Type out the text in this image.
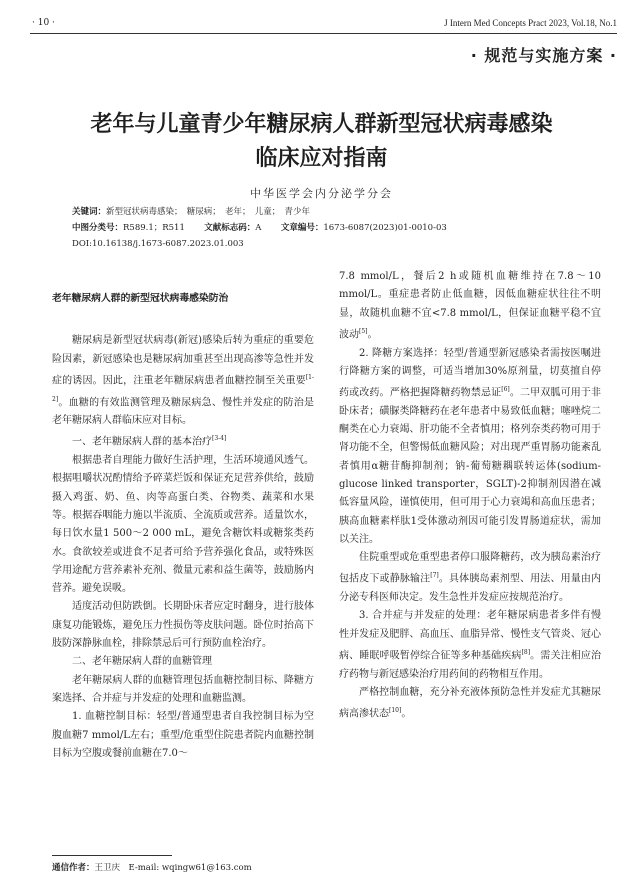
· 10 ·	J Intern Med Concepts Pract 2023, Vol.18, No.1
· 规范与实施方案 ·
老年与儿童青少年糖尿病人群新型冠状病毒感染
临床应对指南
中华医学会内分泌学分会
关键词：新型冠状病毒感染；　糖尿病；　老年；　儿童；　青少年
中图分类号：R589.1；R511 文献标志码：A 文章编号：1673-6087(2023)01-0010-03
DOI:10.16138/j.1673-6087.2023.01.003
老年糖尿病人群的新型冠状病毒感染防治

糖尿病是新型冠状病毒(新冠)感染后转为重症的重要危险因素，新冠感染也是糖尿病加重甚至出现高渗等急性并发症的诱因。因此，注重老年糖尿病患者血糖控制至关重要[1-2]。血糖的有效监测管理及糖尿病急、慢性并发症的防治是老年糖尿病人群临床应对目标。

一、老年糖尿病人群的基本治疗[3-4]

根据患者自理能力做好生活护理，生活环境通风透气。根据咀嚼状况酌情给予碎菜烂饭和保证充足营养供给，鼓励摄入鸡蛋、奶、鱼、肉等高蛋白类、谷物类、蔬菜和水果等。根据吞咽能力施以半流质、全流质或营养。适量饮水，每日饮水量1 500～2 000 mL，避免含糖饮料或糖浆类药水。食欲较差或进食不足者可给予营养强化食品，或特殊医学用途配方营养素补充剂、微量元素和益生菌等，鼓励肠内营养。避免误吸。

适度活动但防跌倒。长期卧床者应定时翻身，进行肢体康复功能锻炼，避免压力性损伤等皮肤问题。卧位时抬高下肢防深静脉血栓，排除禁忌后可行预防血栓治疗。

二、老年糖尿病人群的血糖管理

老年糖尿病人群的血糖管理包括血糖控制目标、降糖方案选择、合并症与并发症的处理和血糖监测。

1. 血糖控制目标：轻型/普通型患者自我控制目标为空腹血糖7 mmol/L左右；重型/危重型住院患者院内血糖控制目标为空腹或餐前血糖在7.0～

7.8 mmol/L，餐后2 h或随机血糖维持在7.8～10 mmol/L。重症患者防止低血糖，因低血糖症状往往不明显，故随机血糖不宜<7.8 mmol/L，但保证血糖平稳不宜波动[5]。

2. 降糖方案选择：轻型/普通型新冠感染者需按医嘱进行降糖方案的调整，可适当增加30%原剂量，切莫擅自停药或改药。严格把握降糖药物禁忌证[6]。二甲双胍可用于非卧床者；磺脲类降糖药在老年患者中易致低血糖；噻唑烷二酮类在心力衰竭、肝功能不全者慎用；格列奈类药物可用于肾功能不全，但警惕低血糖风险；对出现严重胃肠功能紊乱者慎用α糖苷酶抑制剂；钠-葡萄糖耦联转运体(sodium-glucose linked transporter，SGLT)-2抑制剂因潜在减低容量风险，谨慎使用，但可用于心力衰竭和高血压患者；胰高血糖素样肽1受体激动剂因可能引发胃肠道症状，需加以关注。

住院重型或危重型患者停口服降糖药，改为胰岛素治疗包括皮下或静脉输注[7]。具体胰岛素剂型、用法、用量由内分泌专科医师决定。发生急性并发症应按规范治疗。

3. 合并症与并发症的处理：老年糖尿病患者多伴有慢性并发症及肥胖、高血压、血脂异常、慢性支气管炎、冠心病、睡眠呼吸暂停综合征等多种基础疾病[8]。需关注相应治疗药物与新冠感染治疗用药间的药物相互作用。

严格控制血糖，充分补充液体预防急性并发症尤其糖尿病高渗状态[10]。

通信作者：王卫庆　E-mail: wqingw61@163.com
